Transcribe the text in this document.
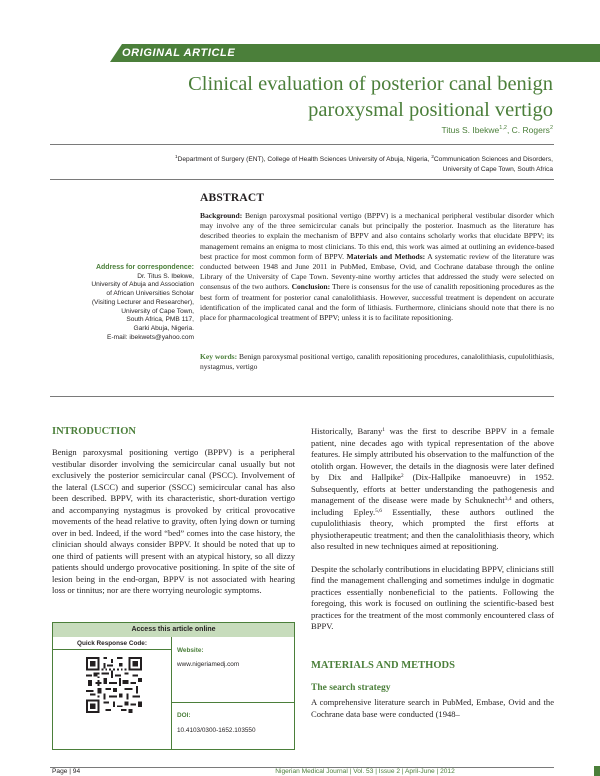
ORIGINAL ARTICLE
Clinical evaluation of posterior canal benign
paroxysmal positional vertigo
Titus S. Ibekwe$^{1,2}$, C. Rogers$^2$
$^1$Department of Surgery (ENT), College of Health Sciences University of Abuja, Nigeria, $^2$Communication Sciences and Disorders,
University of Cape Town, South Africa
ABSTRACT
Background: Benign paroxysmal positional vertigo (BPPV) is a mechanical peripheral vestibular disorder which may involve any of the three semicircular canals but principally the posterior. Inasmuch as the literature has described theories to explain the mechanism of BPPV and also contains scholarly works that elucidate BPPV; its management remains an enigma to most clinicians. To this end, this work was aimed at outlining an evidence-based best practice for most common form of BPPV. Materials and Methods: A systematic review of the literature was conducted between 1948 and June 2011 in PubMed, Embase, Ovid, and Cochrane database through the online Library of the University of Cape Town. Seventy-nine worthy articles that addressed the study were selected on consensus of the two authors. Conclusion: There is consensus for the use of canalith repositioning procedures as the best form of treatment for posterior canal canalolithiasis. However, successful treatment is dependent on accurate identification of the implicated canal and the form of lithiasis. Furthermore, clinicians should note that there is no place for pharmacological treatment of BPPV; unless it is to facilitate repositioning.
Key words: Benign paroxysmal positional vertigo, canalith repositioning procedures, canalolithiasis, cupulolithiasis, nystagmus, vertigo
Address for correspondence:
Dr. Titus S. Ibekwe,
University of Abuja and Association
of African Universities Scholar
(Visiting Lecturer and Researcher),
University of Cape Town,
South Africa, PMB 117,
Garki Abuja, Nigeria.
E-mail: ibekwets@yahoo.com
INTRODUCTION

Benign paroxysmal positioning vertigo (BPPV) is a peripheral vestibular disorder involving the semicircular canal usually but not exclusively the posterior semicircular canal (PSCC). Involvement of the lateral (LSCC) and superior (SSCC) semicircular canal has also been described. BPPV, with its characteristic, short-duration vertigo and accompanying nystagmus is provoked by critical provocative movements of the head relative to gravity, often lying down or turning over in bed. Indeed, if the word “bed” comes into the case history, the clinician should always consider BPPV. It should be noted that up to one third of patients will present with an atypical history, so all dizzy patients should undergo provocative positioning. In spite of the site of lesion being in the end-organ, BPPV is not associated with hearing loss or tinnitus; nor are there worrying neurologic symptoms.

Historically, Barany$^1$ was the first to describe BPPV in a female patient, nine decades ago with typical representation of the above features. He simply attributed his observation to the malfunction of the otolith organ. However, the details in the diagnosis were later defined by Dix and Hallpike$^2$ (Dix-Hallpike manoeuvre) in 1952. Subsequently, efforts at better understanding the pathogenesis and management of the disease were made by Schuknecht$^{3,4}$ and others, including Epley.$^{5,6}$ Essentially, these authors outlined the cupulolithiasis theory, which prompted the first efforts at physiotherapeutic treatment; and then the canalolithiasis theory, which also resulted in new techniques aimed at repositioning.

Despite the scholarly contributions in elucidating BPPV, clinicians still find the management challenging and sometimes indulge in dogmatic practices essentially nonbeneficial to the patients. Following the foregoing, this work is focused on outlining the scientific-based best practices for the treatment of the most commonly encountered class of BPPV.

MATERIALS AND METHODS
The search strategy
A comprehensive literature search in PubMed, Embase, Ovid and the Cochrane data base were conducted (1948–
Access this article online
Quick Response Code:
Website:
www.nigeriamedj.com
DOI:
10.4103/0300-1652.103550
Page | 94	Nigerian Medical Journal | Vol. 53 | Issue 2 | April-June | 2012
